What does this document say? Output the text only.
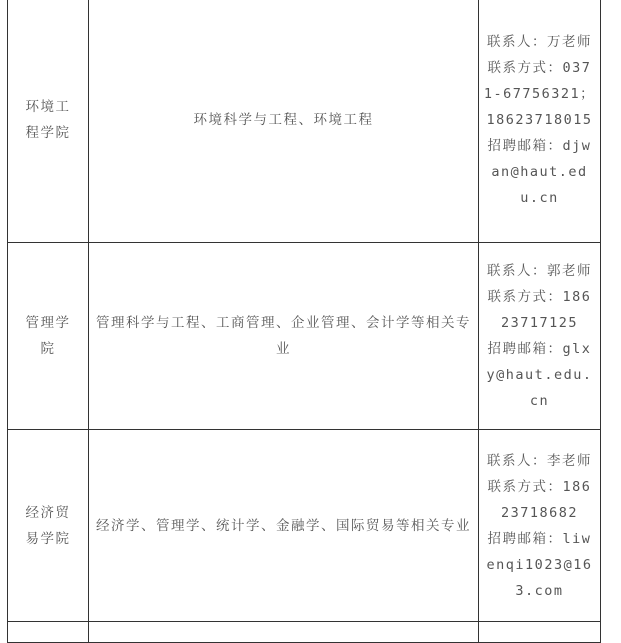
环境工程学院	环境科学与工程、环境工程	联系人：万老师
联系方式：0371-67756321；18623718015
招聘邮箱：djwan@haut.edu.cn

管理学院	管理科学与工程、工商管理、企业管理、会计学等相关专业	联系人：郭老师
联系方式：18623717125
招聘邮箱：glxy@haut.edu.cn

经济贸易学院	经济学、管理学、统计学、金融学、国际贸易等相关专业	联系人：李老师
联系方式：18623718682
招聘邮箱：liwenqi1023@163.com
